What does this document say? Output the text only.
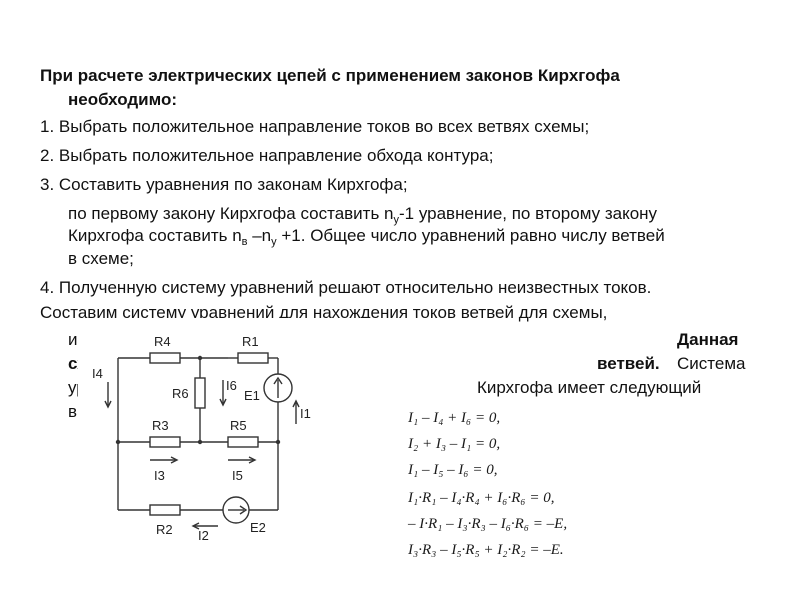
При расчете электрических цепей с применением законов Кирхгофа
необходимо:
1. Выбрать положительное направление токов во всех ветвях схемы;
2. Выбрать положительное направление обхода контура;
3. Составить уравнения по законам Кирхгофа;
по первому закону Кирхгофа составить $n_у-1$ уравнение, по второму закону
Кирхгофа составить $n_в$ $-n_у +1$. Общее число уравнений равно числу ветвей
в схеме;
4. Полученную систему уравнений решают относительно неизвестных токов.
Составим систему уравнений для нахождения токов ветвей для схемы,
из	Данная
сх	и шесть	ветвей. Система
ур	Кирхгофа имеет следующий
ви
R4	R1
R6
I6
E1
I1
I4
R3	R5
I3	I5
R2 I2
E2
I₁ – I₄ + I₆ = 0,
I₂ + I₃ – I₁ = 0,
I₁ – I₅ – I₆ = 0,
I₁·R₁ – I₄·R₄ + I₆·R₆ = 0,
– I·R₁ – I₃·R₃ – I₆·R₆ = –E,
I₃·R₃ – I₅·R₅ + I₂·R₂ = –E.
